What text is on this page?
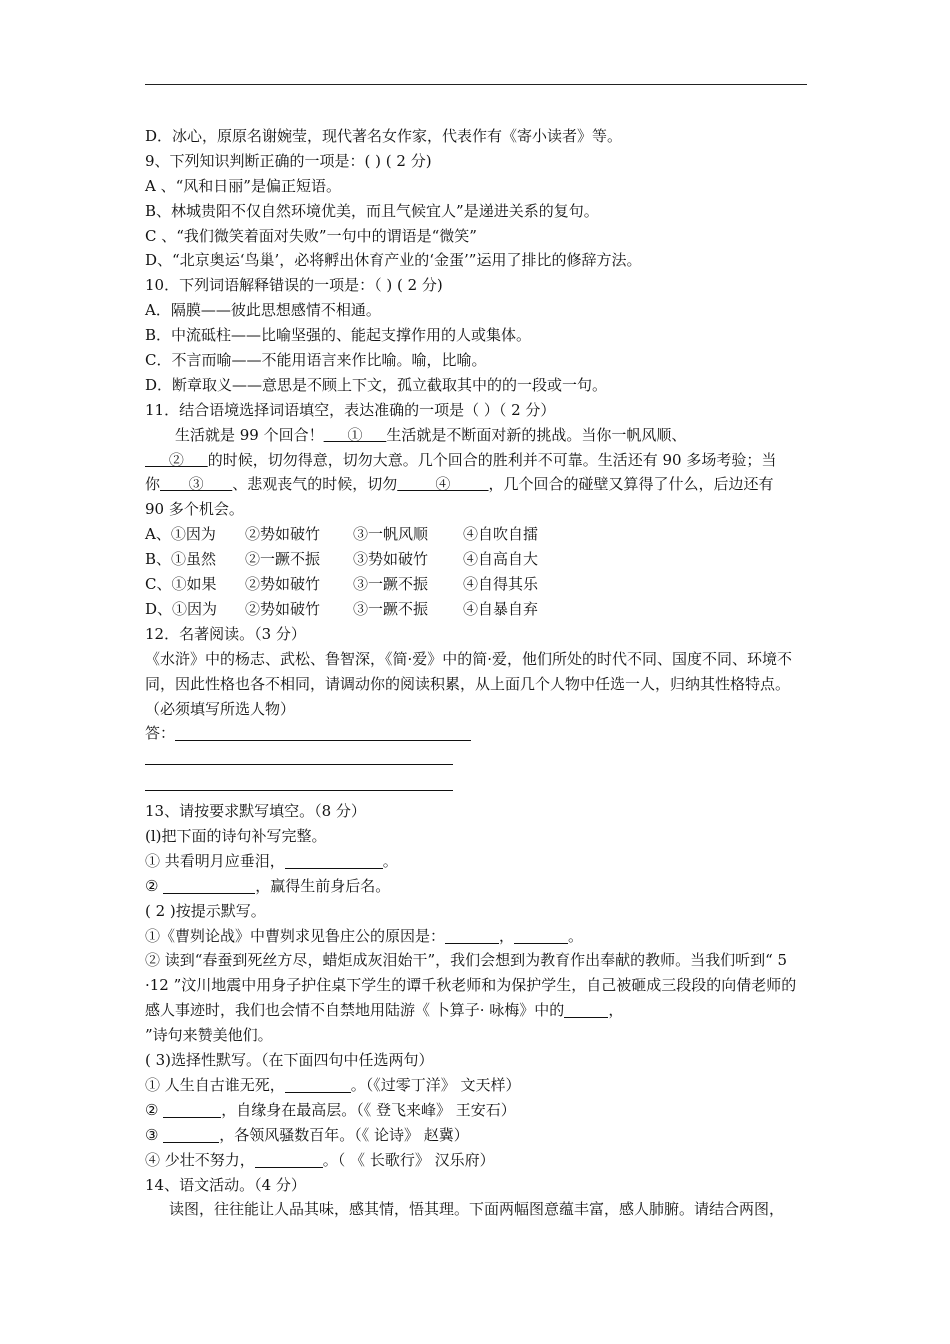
D．冰心，原原名谢婉莹，现代著名女作家，代表作有《寄小读者》等。
9、下列知识判断正确的一项是：( ) ( 2 分)
A 、“风和日丽”是偏正短语。
B、林城贵阳不仅自然环境优美，而且气候宜人”是递进关系的复句。
C 、“我们微笑着面对失败”一句中的谓语是“微笑”
D、“北京奥运‘鸟巢’，必将孵出休育产业的‘金蛋’”运用了排比的修辞方法。
10．下列词语解释错误的一项是：（ ) ( 2 分)
A．隔膜——彼此思想感情不相通。
B．中流砥柱——比喻坚强的、能起支撑作用的人或集体。
C．不言而喻——不能用语言来作比喻。喻，比喻。
D．断章取义——意思是不顾上下文，孤立截取其中的的一段或一句。
11．结合语境选择词语填空，表达准确的一项是（ ）（ 2 分）
生活就是 99 个回合！     ①     生活就是不断面对新的挑战。当你一帆风顺、
②     的时候，切勿得意，切勿大意。几个回合的胜利并不可靠。生活还有 90 多场考验；当
你      ③      、悲观丧气的时候，切勿        ④        ，几个回合的碰壁又算得了什么，后边还有
90 多个机会。
A、①因为 ②势如破竹 ③一帆风顺 ④自吹自擂
B、①虽然 ②一蹶不振 ③势如破竹 ④自高自大
C、①如果 ②势如破竹 ③一蹶不振 ④自得其乐
D、①因为 ②势如破竹 ③一蹶不振 ④自暴自弃
12．名著阅读。（3 分）
《水浒》中的杨志、武松、鲁智深，《简·爱》中的简·爱，他们所处的时代不同、国度不同、环境不同，因此性格也各不相同，请调动你的阅读积累，从上面几个人物中任选一人，归纳其性格特点。（必须填写所选人物）
答：
13、请按要求默写填空。（8 分）
(l)把下面的诗句补写完整。
① 共看明月应垂泪，	。
②	，赢得生前身后名。
( 2 )按提示默写。
①《曹刿论战》中曹刿求见鲁庄公的原因是：	，	。
② 读到“春蚕到死丝方尽，蜡炬成灰泪始干”，我们会想到为教育作出奉献的教师。当我们听到“ 5 ·12 ”汶川地震中用身子护住桌下学生的谭千秋老师和为保护学生，自己被砸成三段段的向倩老师的感人事迹时，我们也会情不自禁地用陆游《 卜算子· 咏梅》中的	，
”诗句来赞美他们。
( 3)选择性默写。（在下面四句中任选两句）
① 人生自古谁无死，	。（《过零丁洋》 文天样）
②	，自缘身在最高层。（《 登飞来峰》 王安石）
③	，各领风骚数百年。（《 论诗》 赵冀）
④ 少壮不努力，	。（ 《 长歌行》 汉乐府）
14、语文活动。（4 分）
读图，往往能让人品其味，感其情，悟其理。下面两幅图意蕴丰富，感人肺腑。请结合两图，
